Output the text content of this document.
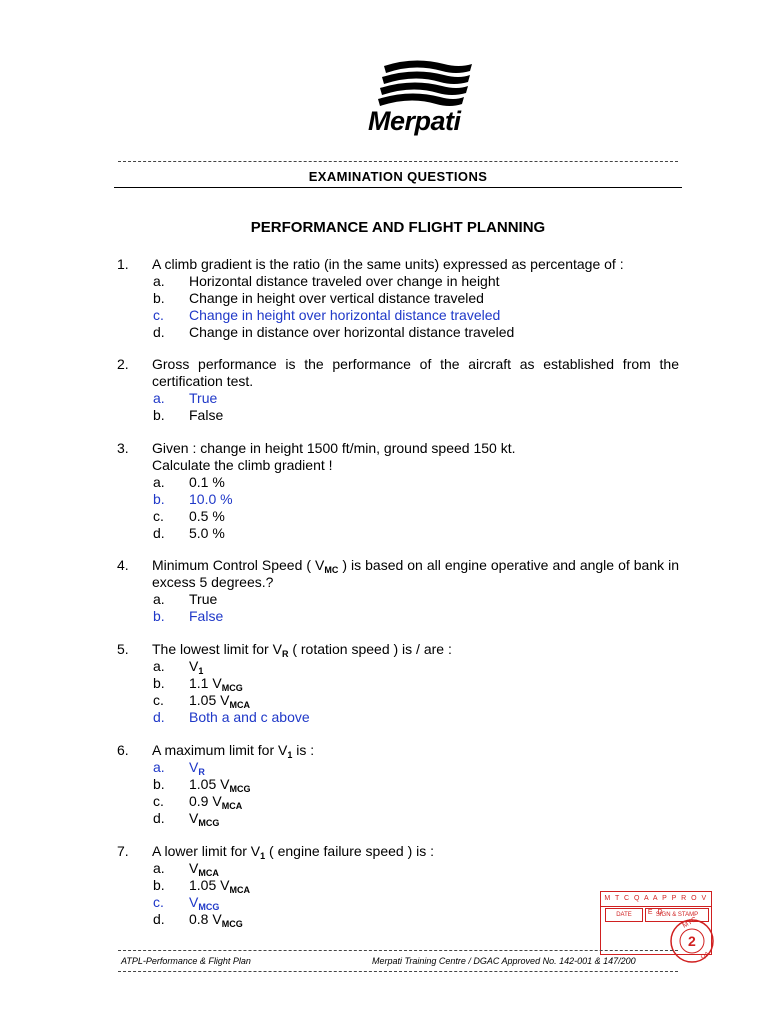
Merpati
EXAMINATION QUESTIONS
PERFORMANCE AND FLIGHT PLANNING
1. A climb gradient is the ratio (in the same units) expressed as percentage of :
a. Horizontal distance traveled over change in height
b. Change in height over vertical distance traveled
c. Change in height over horizontal distance traveled
d. Change in distance over horizontal distance traveled
2. Gross performance is the performance of the aircraft as established from the certification test.
a. True
b. False
3. Given : change in height 1500 ft/min, ground speed 150 kt.
Calculate the climb gradient !
a. 0.1 %
b. 10.0 %
c. 0.5 %
d. 5.0 %
4. Minimum Control Speed ( $V_{MC}$ ) is based on all engine operative and angle of bank in excess 5 degrees.?
a. True
b. False
5. The lowest limit for $V_R$ ( rotation speed ) is / are :
a. $V_1$
b. 1.1 $V_{MCG}$
c. 1.05 $V_{MCA}$
d. Both a and c above
6. A maximum limit for $V_1$ is :
a. $V_R$
b. 1.05 $V_{MCG}$
c. 0.9 $V_{MCA}$
d. $V_{MCG}$
7. A lower limit for $V_1$ ( engine failure speed ) is :
a. $V_{MCA}$
b. 1.05 $V_{MCA}$
c. $V_{MCG}$
d. 0.8 $V_{MCG}$
M T C Q A A P P R O V E D
DATE	SIGN & STAMP
MTC
2
QA
ATPL-Performance & Flight Plan	Merpati Training Centre / DGAC Approved No. 142-001 & 147/200
